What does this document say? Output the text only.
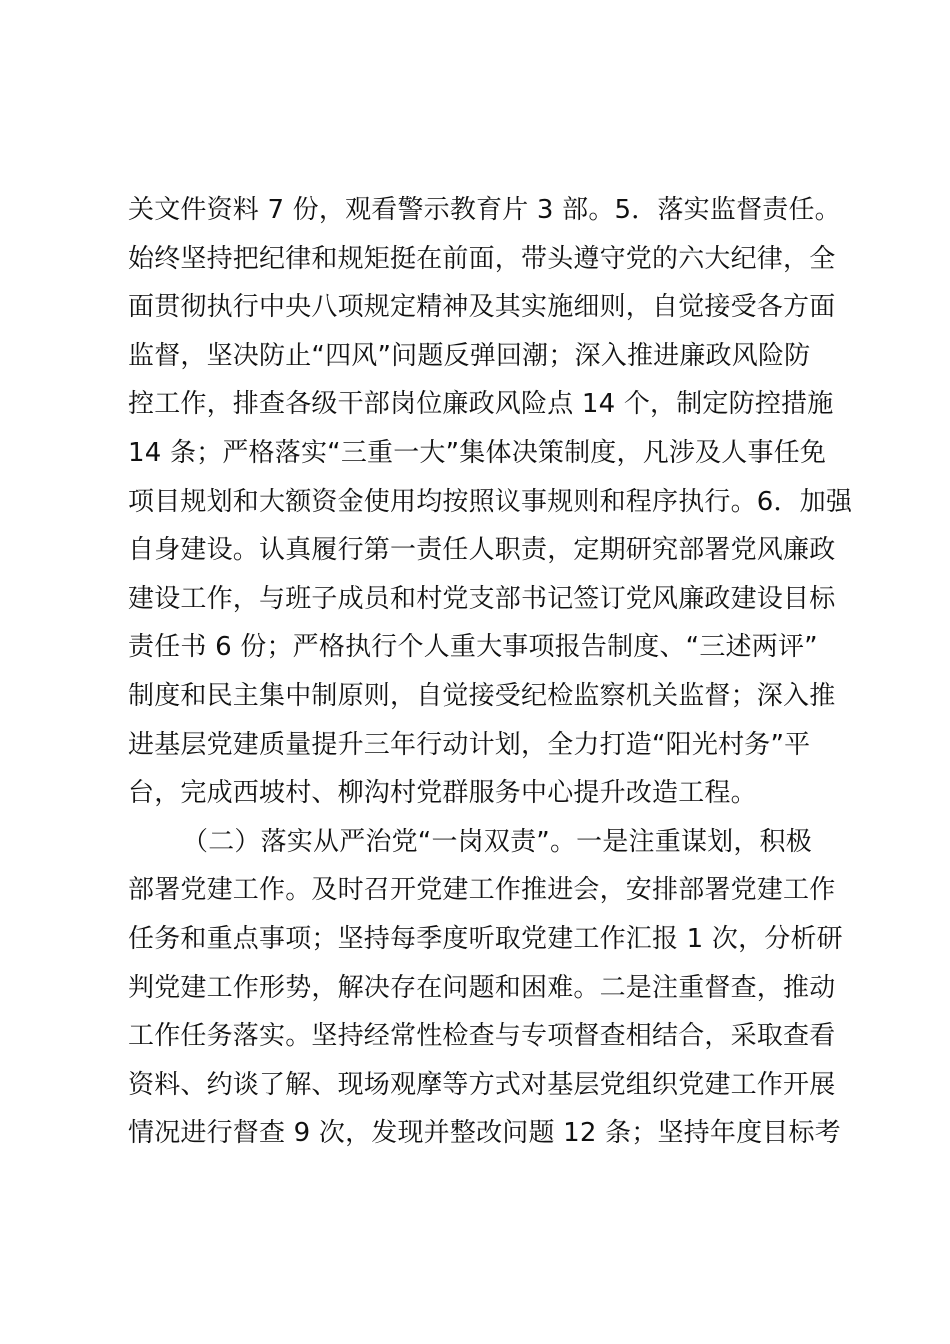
关文件资料 7 份，观看警示教育片 3 部。5．落实监督责任。
始终坚持把纪律和规矩挺在前面，带头遵守党的六大纪律，全
面贯彻执行中央八项规定精神及其实施细则，自觉接受各方面
监督，坚决防止“四风”问题反弹回潮；深入推进廉政风险防
控工作，排查各级干部岗位廉政风险点 14 个，制定防控措施
14 条；严格落实“三重一大”集体决策制度，凡涉及人事任免
项目规划和大额资金使用均按照议事规则和程序执行。6．加强
自身建设。认真履行第一责任人职责，定期研究部署党风廉政
建设工作，与班子成员和村党支部书记签订党风廉政建设目标
责任书 6 份；严格执行个人重大事项报告制度、“三述两评”
制度和民主集中制原则，自觉接受纪检监察机关监督；深入推
进基层党建质量提升三年行动计划，全力打造“阳光村务”平
台，完成西坡村、柳沟村党群服务中心提升改造工程。
（二）落实从严治党“一岗双责”。一是注重谋划，积极
部署党建工作。及时召开党建工作推进会，安排部署党建工作
任务和重点事项；坚持每季度听取党建工作汇报 1 次，分析研
判党建工作形势，解决存在问题和困难。二是注重督查，推动
工作任务落实。坚持经常性检查与专项督查相结合，采取查看
资料、约谈了解、现场观摩等方式对基层党组织党建工作开展
情况进行督查 9 次，发现并整改问题 12 条；坚持年度目标考
